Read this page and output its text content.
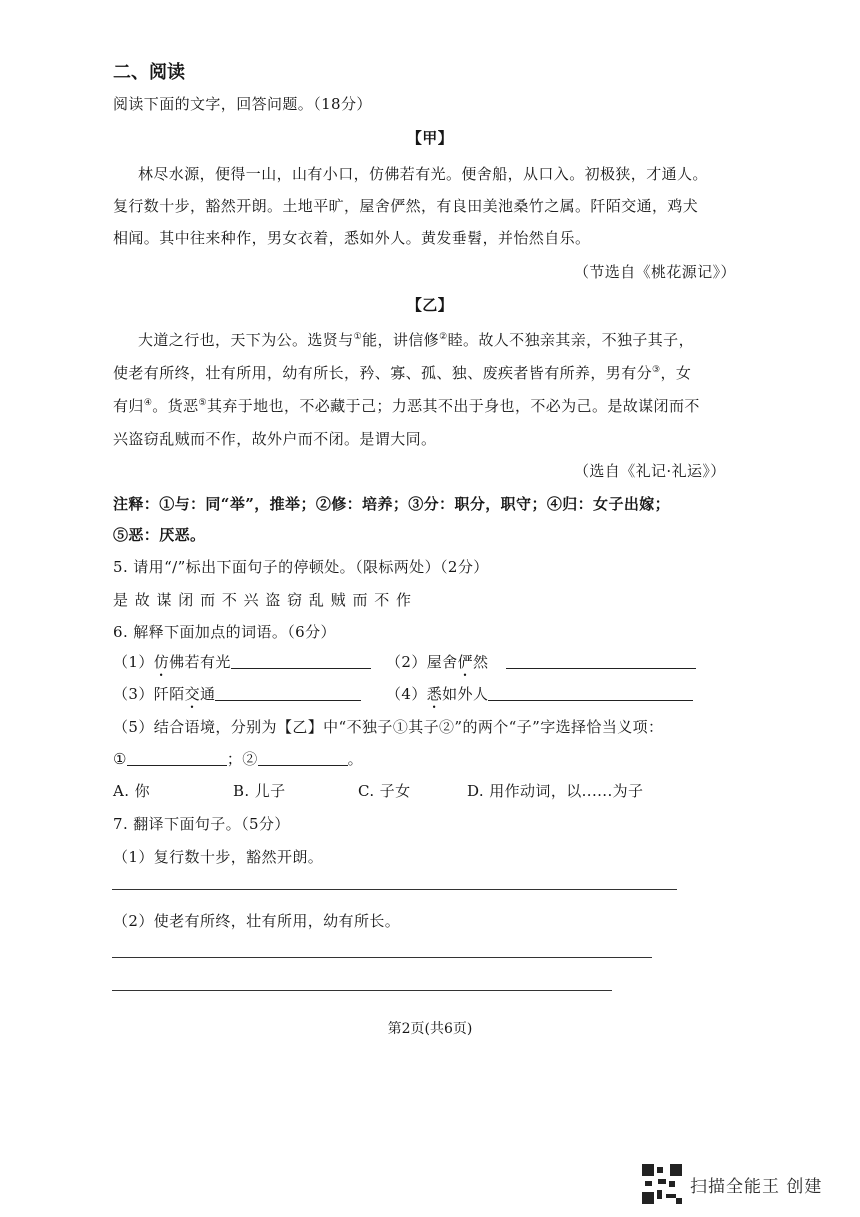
二、阅读
阅读下面的文字，回答问题。（18分）
【甲】
林尽水源，便得一山，山有小口，仿佛若有光。便舍船，从口入。初极狭，才通人。
复行数十步，豁然开朗。土地平旷，屋舍俨然，有良田美池桑竹之属。阡陌交通，鸡犬
相闻。其中往来种作，男女衣着，悉如外人。黄发垂髫，并怡然自乐。
（节选自《桃花源记》）
【乙】
大道之行也，天下为公。选贤与①能，讲信修②睦。故人不独亲其亲，不独子其子，
使老有所终，壮有所用，幼有所长，矜、寡、孤、独、废疾者皆有所养，男有分③，女
有归④。货恶⑤其弃于地也，不必藏于己；力恶其不出于身也，不必为己。是故谋闭而不
兴盗窃乱贼而不作，故外户而不闭。是谓大同。
（选自《礼记·礼运》）
注释：①与：同“举”，推举；②修：培养；③分：职分，职守；④归：女子出嫁；
⑤恶：厌恶。
5. 请用“/”标出下面句子的停顿处。（限标两处）（2分）
是 故 谋 闭 而 不 兴 盗 窃 乱 贼 而 不 作
6. 解释下面加点的词语。（6分）
（1）仿佛若有光	（2）屋舍俨然
（3）阡陌交通	（4）悉如外人
（5）结合语境，分别为【乙】中“不独子①其子②”的两个“子”字选择恰当义项：
①	；②	。
A. 你	B. 儿子	C. 子女	D. 用作动词，以......为子
7. 翻译下面句子。（5分）
（1）复行数十步，豁然开朗。
（2）使老有所终，壮有所用，幼有所长。
第2页(共6页)
扫描全能王 创建
